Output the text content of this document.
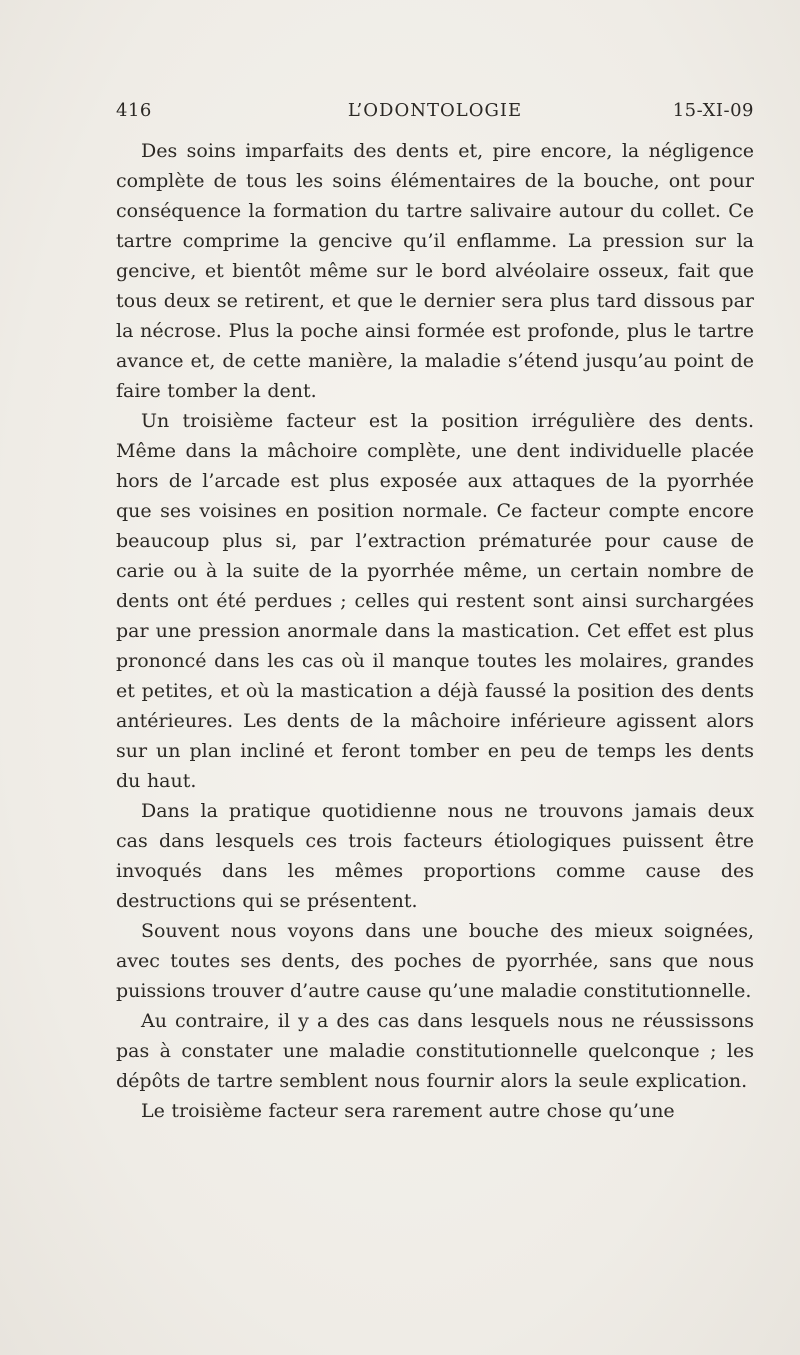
416	L’ODONTOLOGIE	15-XI-09

Des soins imparfaits des dents et, pire encore, la négligence complète de tous les soins élémentaires de la bouche, ont pour conséquence la formation du tartre salivaire autour du collet. Ce tartre comprime la gencive qu’il enflamme. La pression sur la gencive, et bientôt même sur le bord alvéolaire osseux, fait que tous deux se retirent, et que le dernier sera plus tard dissous par la nécrose. Plus la poche ainsi formée est profonde, plus le tartre avance et, de cette manière, la maladie s’étend jusqu’au point de faire tomber la dent.

Un troisième facteur est la position irrégulière des dents. Même dans la mâchoire complète, une dent individuelle placée hors de l’arcade est plus exposée aux attaques de la pyorrhée que ses voisines en position normale. Ce facteur compte encore beaucoup plus si, par l’extraction prématurée pour cause de carie ou à la suite de la pyorrhée même, un certain nombre de dents ont été perdues ; celles qui restent sont ainsi surchargées par une pression anormale dans la mastication. Cet effet est plus prononcé dans les cas où il manque toutes les molaires, grandes et petites, et où la mastication a déjà faussé la position des dents antérieures. Les dents de la mâchoire inférieure agissent alors sur un plan incliné et feront tomber en peu de temps les dents du haut.

Dans la pratique quotidienne nous ne trouvons jamais deux cas dans lesquels ces trois facteurs étiologiques puissent être invoqués dans les mêmes proportions comme cause des destructions qui se présentent.

Souvent nous voyons dans une bouche des mieux soignées, avec toutes ses dents, des poches de pyorrhée, sans que nous puissions trouver d’autre cause qu’une maladie constitutionnelle.

Au contraire, il y a des cas dans lesquels nous ne réussissons pas à constater une maladie constitutionnelle quelconque ; les dépôts de tartre semblent nous fournir alors la seule explication.

Le troisième facteur sera rarement autre chose qu’une
